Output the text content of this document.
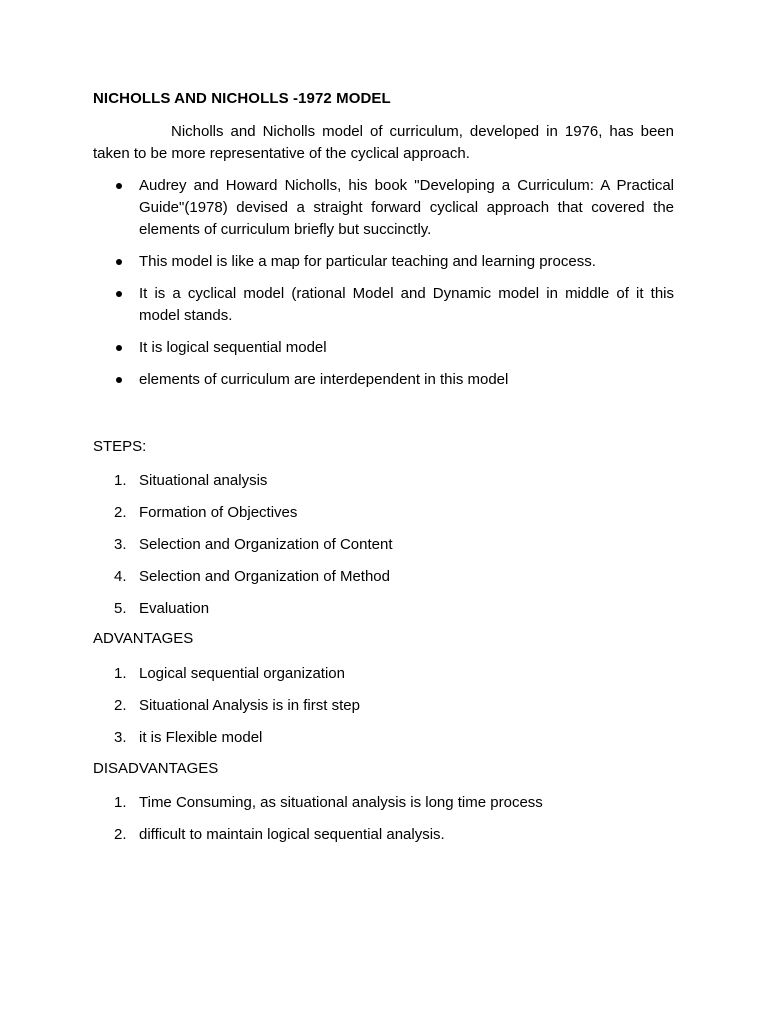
NICHOLLS AND NICHOLLS -1972 MODEL

Nicholls and Nicholls model of curriculum, developed in 1976, has been taken to be more representative of the cyclical approach.

Audrey and Howard Nicholls, his book "Developing a Curriculum: A Practical Guide"(1978) devised a straight forward cyclical approach that covered the elements of curriculum briefly but succinctly.
This model is like a map for particular teaching and learning process.
It is a cyclical model (rational Model and Dynamic model in middle of it this model stands.
It is logical sequential model
elements of curriculum are interdependent in this model
STEPS:
1. Situational analysis
2. Formation of Objectives
3. Selection and Organization of Content
4. Selection and Organization of Method
5. Evaluation
ADVANTAGES
1. Logical sequential organization
2. Situational Analysis is in first step
3. it is Flexible model
DISADVANTAGES
1. Time Consuming, as situational analysis is long time process
2. difficult to maintain logical sequential analysis.
